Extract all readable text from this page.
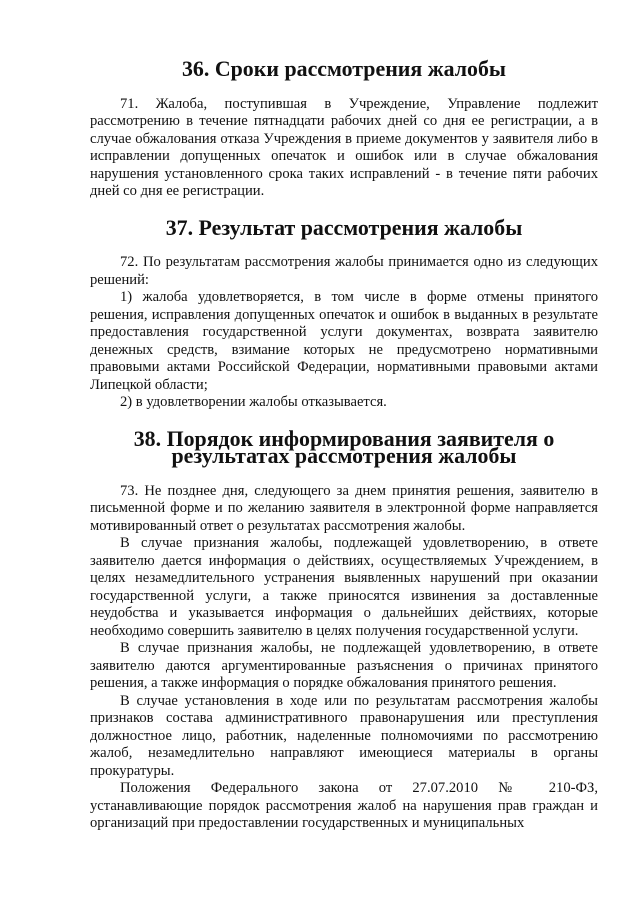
36. Сроки рассмотрения жалобы

71. Жалоба, поступившая в Учреждение, Управление подлежит рассмотрению в течение пятнадцати рабочих дней со дня ее регистрации, а в случае обжалования отказа Учреждения в приеме документов у заявителя либо в исправлении допущенных опечаток и ошибок или в случае обжалования нарушения установленного срока таких исправлений - в течение пяти рабочих дней со дня ее регистрации.

37. Результат рассмотрения жалобы

72. По результатам рассмотрения жалобы принимается одно из следующих решений:

1) жалоба удовлетворяется, в том числе в форме отмены принятого решения, исправления допущенных опечаток и ошибок в выданных в результате предоставления государственной услуги документах, возврата заявителю денежных средств, взимание которых не предусмотрено нормативными правовыми актами Российской Федерации, нормативными правовыми актами Липецкой области;

2) в удовлетворении жалобы отказывается.

38. Порядок информирования заявителя о результатах рассмотрения жалобы

73. Не позднее дня, следующего за днем принятия решения, заявителю в письменной форме и по желанию заявителя в электронной форме направляется мотивированный ответ о результатах рассмотрения жалобы.

В случае признания жалобы, подлежащей удовлетворению, в ответе заявителю дается информация о действиях, осуществляемых Учреждением, в целях незамедлительного устранения выявленных нарушений при оказании государственной услуги, а также приносятся извинения за доставленные неудобства и указывается информация о дальнейших действиях, которые необходимо совершить заявителю в целях получения государственной услуги.

В случае признания жалобы, не подлежащей удовлетворению, в ответе заявителю даются аргументированные разъяснения о причинах принятого решения, а также информация о порядке обжалования принятого решения.

В случае установления в ходе или по результатам рассмотрения жалобы признаков состава административного правонарушения или преступления должностное лицо, работник, наделенные полномочиями по рассмотрению жалоб, незамедлительно направляют имеющиеся материалы в органы прокуратуры.

Положения Федерального закона от 27.07.2010 № 210-ФЗ, устанавливающие порядок рассмотрения жалоб на нарушения прав граждан и организаций при предоставлении государственных и муниципальных
